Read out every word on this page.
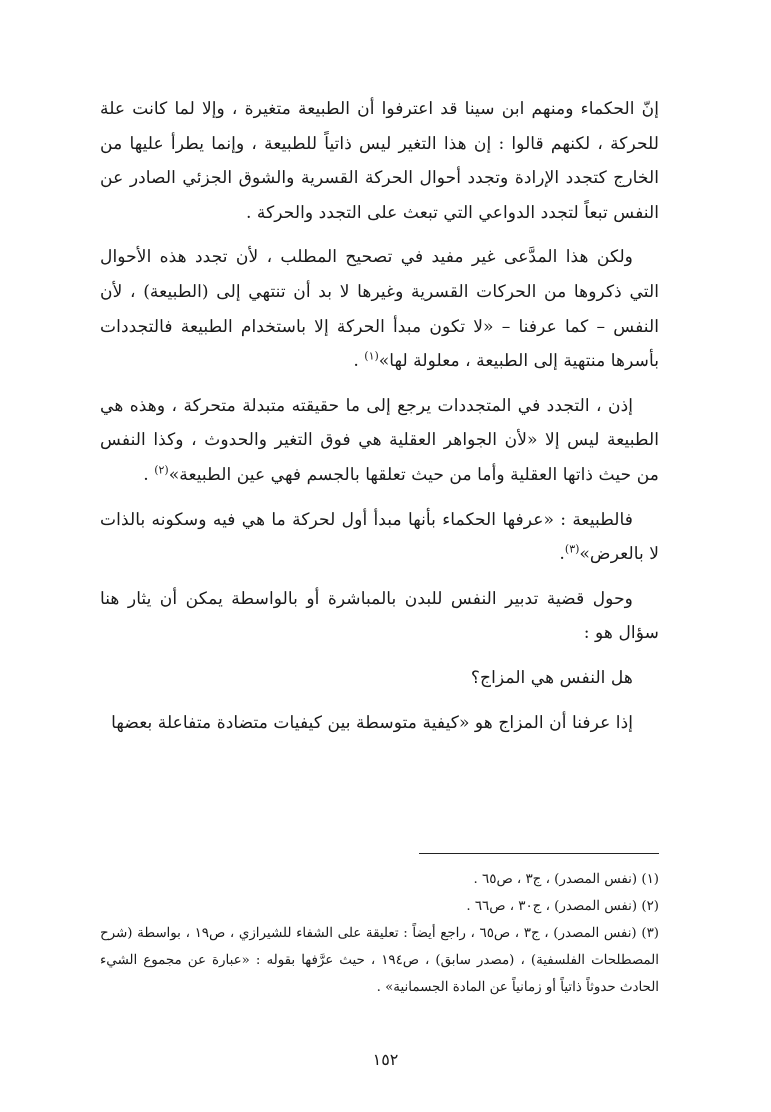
إنّ الحكماء ومنهم ابن سينا قد اعترفوا أن الطبيعة متغيرة ، وإلا لما كانت علة للحركة ، لكنهم قالوا : إن هذا التغير ليس ذاتياً للطبيعة ، وإنما يطرأ عليها من الخارج كتجدد الإرادة وتجدد أحوال الحركة القسرية والشوق الجزئي الصادر عن النفس تبعاً لتجدد الدواعي التي تبعث على التجدد والحركة .

ولكن هذا المدَّعى غير مفيد في تصحيح المطلب ، لأن تجدد هذه الأحوال التي ذكروها من الحركات القسرية وغيرها لا بد أن تنتهي إلى (الطبيعة) ، لأن النفس – كما عرفنا – «لا تكون مبدأ الحركة إلا باستخدام الطبيعة فالتجددات بأسرها منتهية إلى الطبيعة ، معلولة لها»$^{(١)}$ .

إذن ، التجدد في المتجددات يرجع إلى ما حقيقته متبدلة متحركة ، وهذه هي الطبيعة ليس إلا «لأن الجواهر العقلية هي فوق التغير والحدوث ، وكذا النفس من حيث ذاتها العقلية وأما من حيث تعلقها بالجسم فهي عين الطبيعة»$^{(٢)}$ .

فالطبيعة : «عرفها الحكماء بأنها مبدأ أول لحركة ما هي فيه وسكونه بالذات لا بالعرض»$^{(٣)}$.

وحول قضية تدبير النفس للبدن بالمباشرة أو بالواسطة يمكن أن يثار هنا سؤال هو :

هل النفس هي المزاج؟

إذا عرفنا أن المزاج هو «كيفية متوسطة بين كيفيات متضادة متفاعلة بعضها

(١) (نفس المصدر) ، ج٣ ، ص٦٥ .

(٢) (نفس المصدر) ، ج٣٠ ، ص٦٦ .

(٣) (نفس المصدر) ، ج٣ ، ص٦٥ ، راجع أيضاً : تعليقة على الشفاء للشيرازي ، ص١٩ ، بواسطة (شرح المصطلحات الفلسفية) ، (مصدر سابق) ، ص١٩٤ ، حيث عرَّفها بقوله : «عبارة عن مجموع الشيء الحادث حدوثاً ذاتياً أو زمانياً عن المادة الجسمانية» .

١٥٢
